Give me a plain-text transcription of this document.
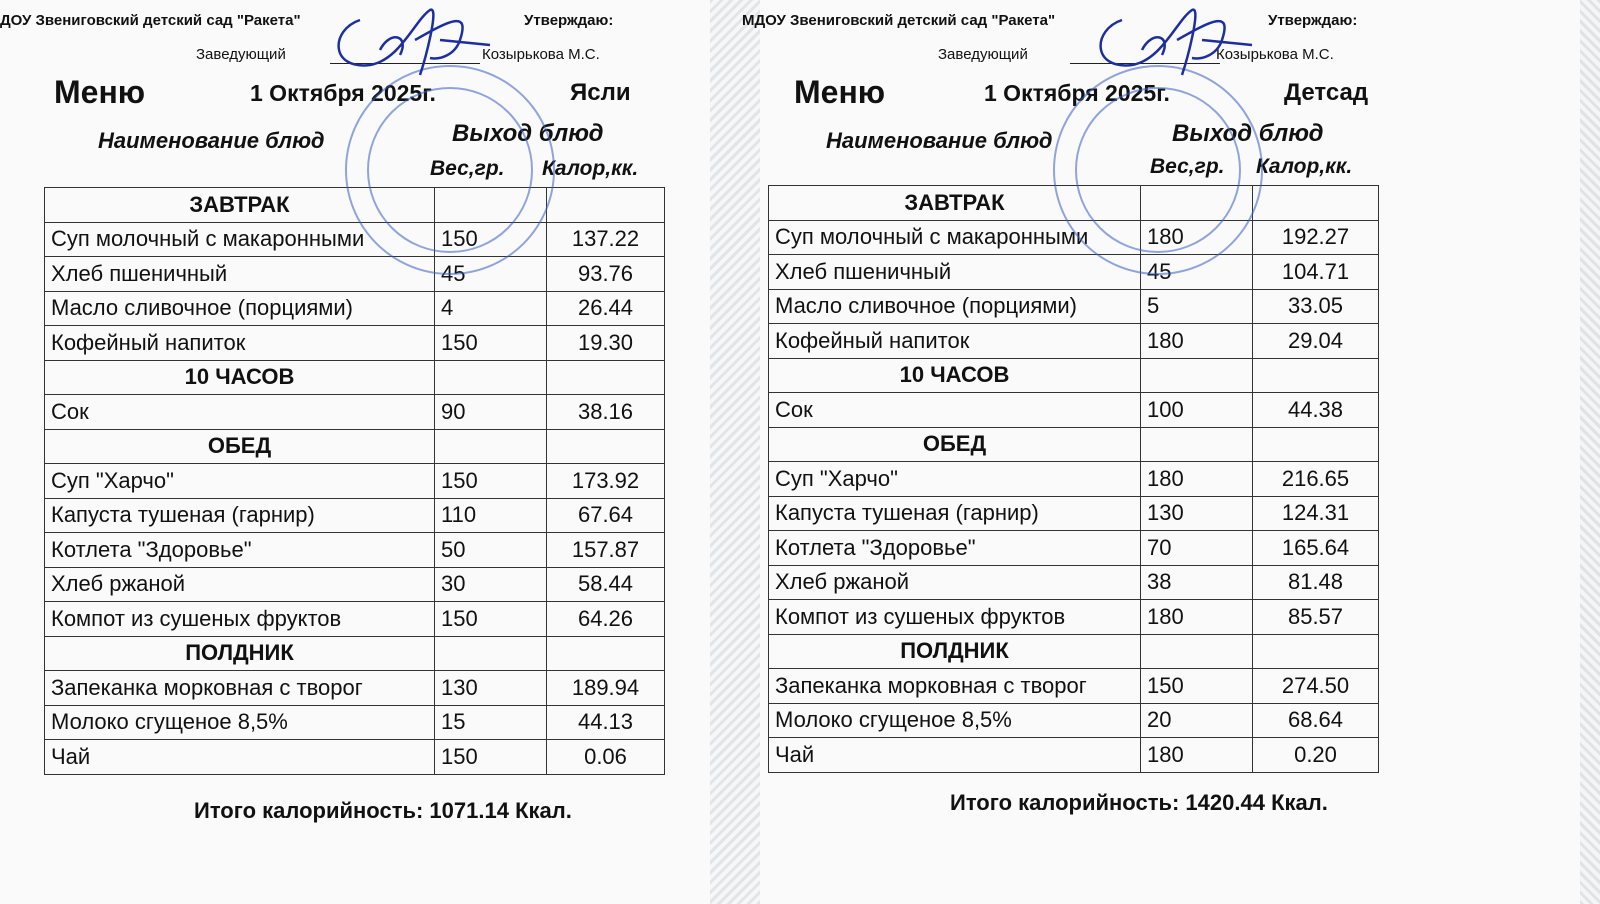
ДОУ Звениговский детский сад "Ракета"	Утверждаю:
Заведующий	Козырькова М.С.
Меню	1 Октября 2025г.	Ясли
Наименование блюд	Выход блюд
Вес,гр. Калор,кк.
ЗАВТРАК		
Суп молочный с макаронными	150	137.22
Хлеб пшеничный	45	93.76
Масло сливочное (порциями)	4	26.44
Кофейный напиток	150	19.30
10 ЧАСОВ		
Сок	90	38.16
ОБЕД		
Суп "Харчо"	150	173.92
Капуста тушеная (гарнир)	110	67.64
Котлета "Здоровье"	50	157.87
Хлеб ржаной	30	58.44
Компот из сушеных фруктов	150	64.26
ПОЛДНИК		
Запеканка морковная с творог	130	189.94
Молоко сгущеное 8,5%	15	44.13
Чай	150	0.06
Итого калорийность: 1071.14 Ккал.
МДОУ Звениговский детский сад "Ракета"	Утверждаю:
Заведующий	Козырькова М.С.
Меню	1 Октября 2025г.	Детсад
Наименование блюд	Выход блюд
Вес,гр. Калор,кк.
ЗАВТРАК		
Суп молочный с макаронными	180	192.27
Хлеб пшеничный	45	104.71
Масло сливочное (порциями)	5	33.05
Кофейный напиток	180	29.04
10 ЧАСОВ		
Сок	100	44.38
ОБЕД		
Суп "Харчо"	180	216.65
Капуста тушеная (гарнир)	130	124.31
Котлета "Здоровье"	70	165.64
Хлеб ржаной	38	81.48
Компот из сушеных фруктов	180	85.57
ПОЛДНИК		
Запеканка морковная с творог	150	274.50
Молоко сгущеное 8,5%	20	68.64
Чай	180	0.20
Итого калорийность: 1420.44 Ккал.
